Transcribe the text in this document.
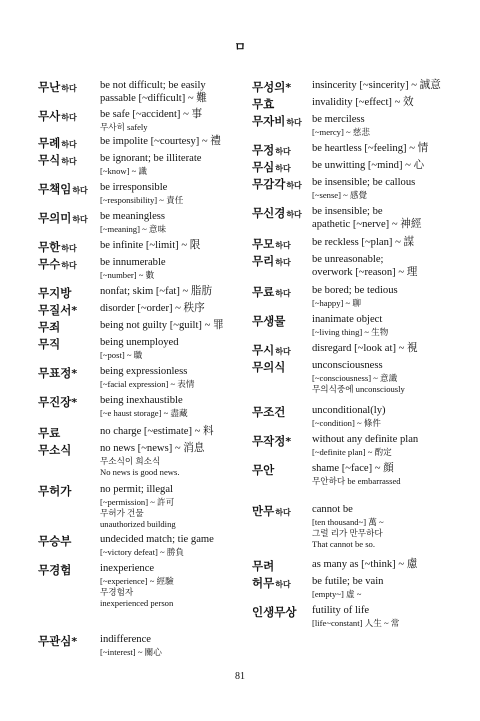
ㅁ
무난하다	be not difficult; be easily
passable [~difficult] ~ 難
무사하다	be safe [~accident] ~ 事
무사히 safely
무례하다	be impolite [~courtesy] ~ 禮
무식하다	be ignorant; be illiterate
[~know] ~ 識
무책임하다	be irresponsible
[~responsibility] ~ 責任
무의미하다	be meaningless
[~meaning] ~ 意味
무한하다	be infinite [~limit] ~ 限
무수하다	be innumerable
[~number] ~ 數
무지방	nonfat; skim [~fat] ~ 脂肪
무질서*	disorder [~order] ~ 秩序
무죄	being not guilty [~guilt] ~ 罪
무직	being unemployed
[~post] ~ 職
무표정*	being expressionless
[~facial expression] ~ 表情
무진장*	being inexhaustible
[~e haust storage] ~ 盡藏
무료	no charge [~estimate] ~ 料
무소식	no news [~news] ~ 消息
무소식이 희소식
No news is good news.
무허가	no permit; illegal
[~permission] ~ 許可
무허가 건물
unauthorized building
무승부	undecided match; tie game
[~victory defeat] ~ 勝負
무경험	inexperience
[~experience] ~ 經驗
무경험자
inexperienced person
무관심*	indifference
[~interest] ~ 關心
무성의*	insincerity [~sincerity] ~ 誠意
무효	invalidity [~effect] ~ 效
무자비하다 be merciless
[~mercy] ~ 慈悲
무정하다	be heartless [~feeling] ~ 情
무심하다	be unwitting [~mind] ~ 心
무감각하다 be insensible; be callous
[~sense] ~ 感覺
무신경하다 be insensible; be
apathetic [~nerve] ~ 神經
무모하다	be reckless [~plan] ~ 謀
무리하다	be unreasonable;
overwork [~reason] ~ 理
무료하다	be bored; be tedious
[~happy] ~ 聊
무생물	inanimate object
[~living thing] ~ 生物
무시하다	disregard [~look at] ~ 視
무의식	unconsciousness
[~consciousness] ~ 意識
무의식중에 unconsciously
무조건	unconditional(ly)
[~condition] ~ 條件
무작정*	without any definite plan
[~definite plan] ~ 酌定
무안	shame [~face] ~ 顔
무안하다 be embarrassed
만무하다	cannot be
[ten thousand~] 萬 ~
그럴 리가 만무하다
That cannot be so.
무려	as many as [~think] ~ 慮
허무하다	be futile; be vain
[empty~] 虛 ~
인생무상	futility of life
[life~constant] 人生 ~ 常
81
